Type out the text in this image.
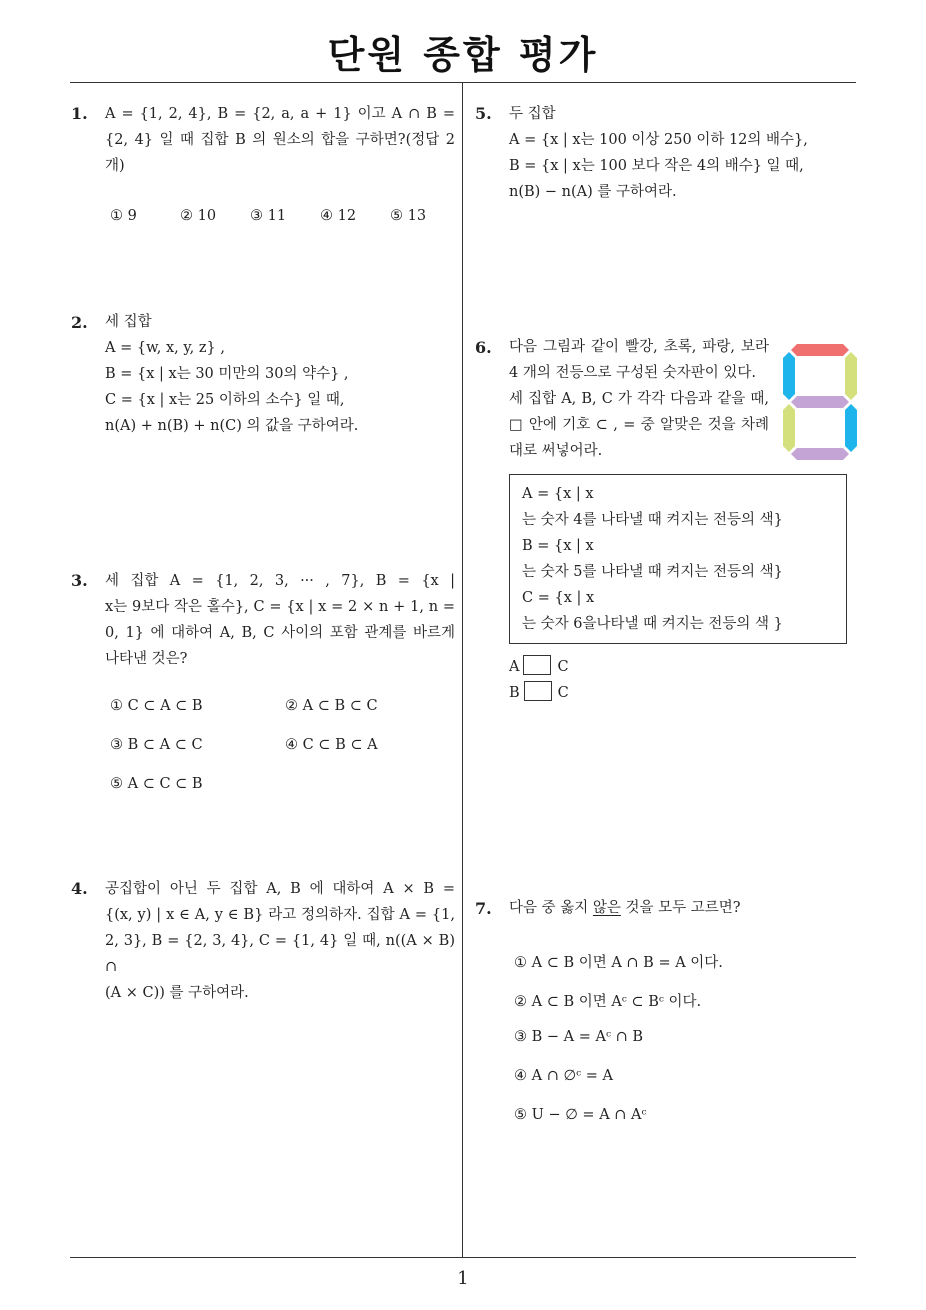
단원 종합 평가
1. A = {1, 2, 4}, B = {2, a, a + 1} 이고 A ∩ B =
{2, 4} 일 때 집합 B 의 원소의 합을 구하면?(정답 2
개)
① 9	② 10 ③ 11 ④ 12 ⑤ 13
2. 세 집합
A = {w, x, y, z} ,
B = {x | x는 30 미만의 30의 약수} ,
C = {x | x는 25 이하의 소수} 일 때,
n(A) + n(B) + n(C) 의 값을 구하여라.
3. 세 집합 A = {1, 2, 3, ··· , 7}, B = {x |
x는 9보다 작은 홀수}, C = {x | x = 2 × n + 1, n =
0, 1} 에 대하여 A, B, C 사이의 포함 관계를 바르게
나타낸 것은?
① C ⊂ A ⊂ B	② A ⊂ B ⊂ C
③ B ⊂ A ⊂ C	④ C ⊂ B ⊂ A
⑤ A ⊂ C ⊂ B
4. 공집합이 아닌 두 집합 A, B 에 대하여 A × B =
{(x, y) | x ∈ A, y ∈ B} 라고 정의하자. 집합 A = {1,
2, 3}, B = {2, 3, 4}, C = {1, 4} 일 때, n((A × B) ∩
(A × C)) 를 구하여라.
5. 두 집합
A = {x | x는 100 이상 250 이하 12의 배수},
B = {x | x는 100 보다 작은 4의 배수} 일 때,
n(B) − n(A) 를 구하여라.
6. 다음 그림과 같이 빨강, 초록, 파랑, 보라
4 개의 전등으로 구성된 숫자판이 있다.
세 집합 A, B, C 가 각각 다음과 같을 때,
□ 안에 기호 ⊂ , = 중 알맞은 것을 차례
대로 써넣어라.
A = {x | x
는 숫자 4를 나타낼 때 켜지는 전등의 색}
B = {x | x
는 숫자 5를 나타낼 때 켜지는 전등의 색}
C = {x | x
는 숫자 6을나타낼 때 켜지는 전등의 색 }
A	C
B	C
7. 다음 중 옳지 않은 것을 모두 고르면?
① A ⊂ B 이면 A ∩ B = A 이다.
② A ⊂ B 이면 Aᶜ ⊂ Bᶜ 이다.
③ B − A = Aᶜ ∩ B
④ A ∩ ∅ᶜ = A
⑤ U − ∅ = A ∩ Aᶜ
1
